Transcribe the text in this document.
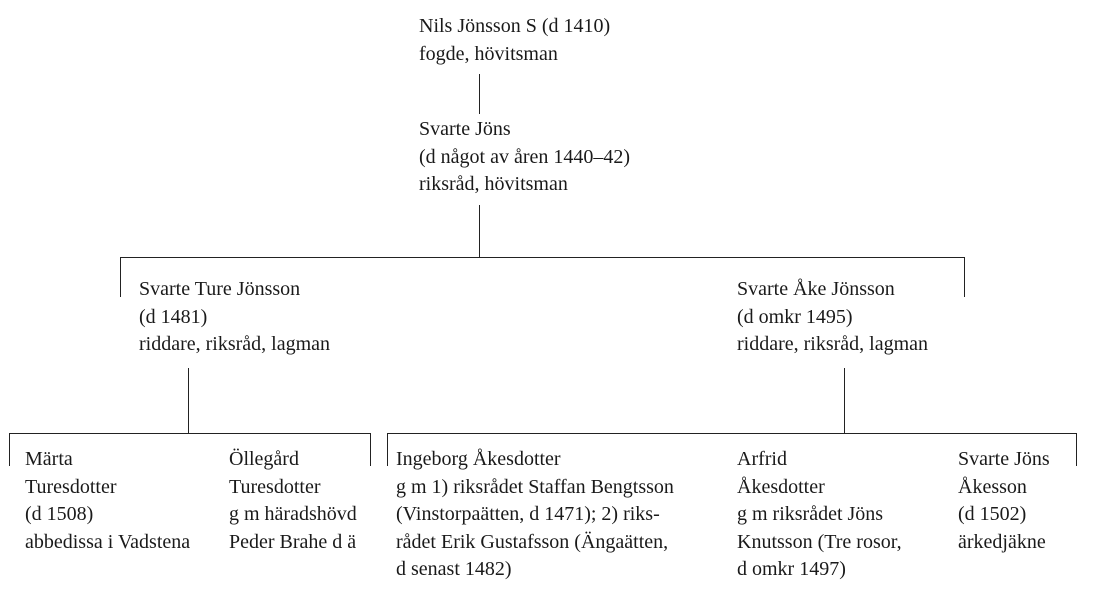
Nils Jönsson S (d 1410)
fogde, hövitsman
Svarte Jöns
(d något av åren 1440–42)
riksråd, hövitsman
Svarte Ture Jönsson
(d 1481)
riddare, riksråd, lagman
Svarte Åke Jönsson
(d omkr 1495)
riddare, riksråd, lagman
Märta
Turesdotter
(d 1508)
abbedissa i Vadstena
Öllegård
Turesdotter
g m häradshövd
Peder Brahe d ä
Ingeborg Åkesdotter
g m 1) riksrådet Staffan Bengtsson
(Vinstorpaätten, d 1471); 2) riks-
rådet Erik Gustafsson (Ängaätten,
d senast 1482)
Arfrid
Åkesdotter
g m riksrådet Jöns
Knutsson (Tre rosor,
d omkr 1497)
Svarte Jöns
Åkesson
(d 1502)
ärkedjäkne
